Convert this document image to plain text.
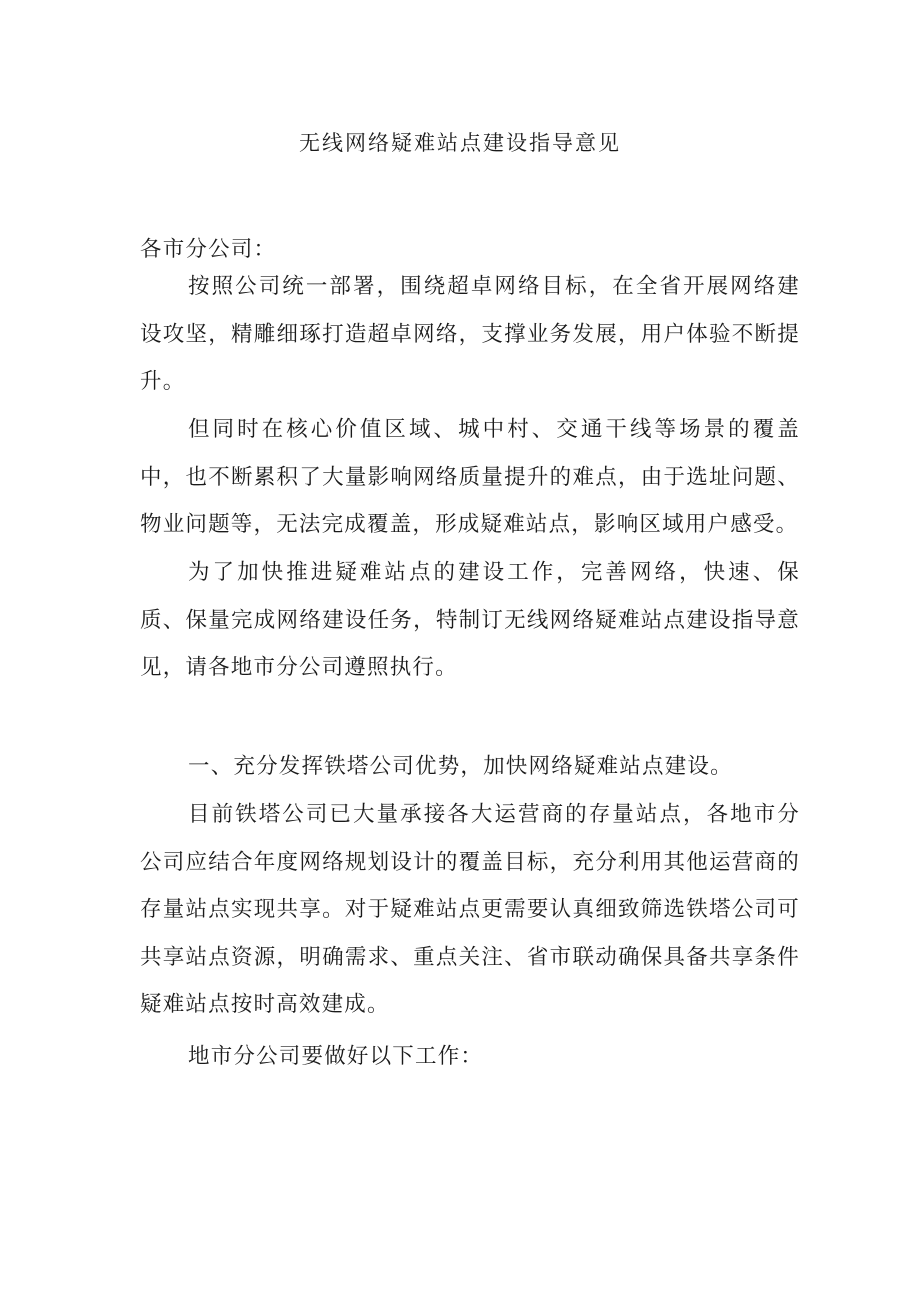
无线网络疑难站点建设指导意见

各市分公司：

按照公司统一部署，围绕超卓网络目标，在全省开展网络建设攻坚，精雕细琢打造超卓网络，支撑业务发展，用户体验不断提升。

但同时在核心价值区域、城中村、交通干线等场景的覆盖中，也不断累积了大量影响网络质量提升的难点，由于选址问题、物业问题等，无法完成覆盖，形成疑难站点，影响区域用户感受。

为了加快推进疑难站点的建设工作，完善网络，快速、保质、保量完成网络建设任务，特制订无线网络疑难站点建设指导意见，请各地市分公司遵照执行。

一、充分发挥铁塔公司优势，加快网络疑难站点建设。

目前铁塔公司已大量承接各大运营商的存量站点，各地市分公司应结合年度网络规划设计的覆盖目标，充分利用其他运营商的存量站点实现共享。对于疑难站点更需要认真细致筛选铁塔公司可共享站点资源，明确需求、重点关注、省市联动确保具备共享条件疑难站点按时高效建成。

地市分公司要做好以下工作：
